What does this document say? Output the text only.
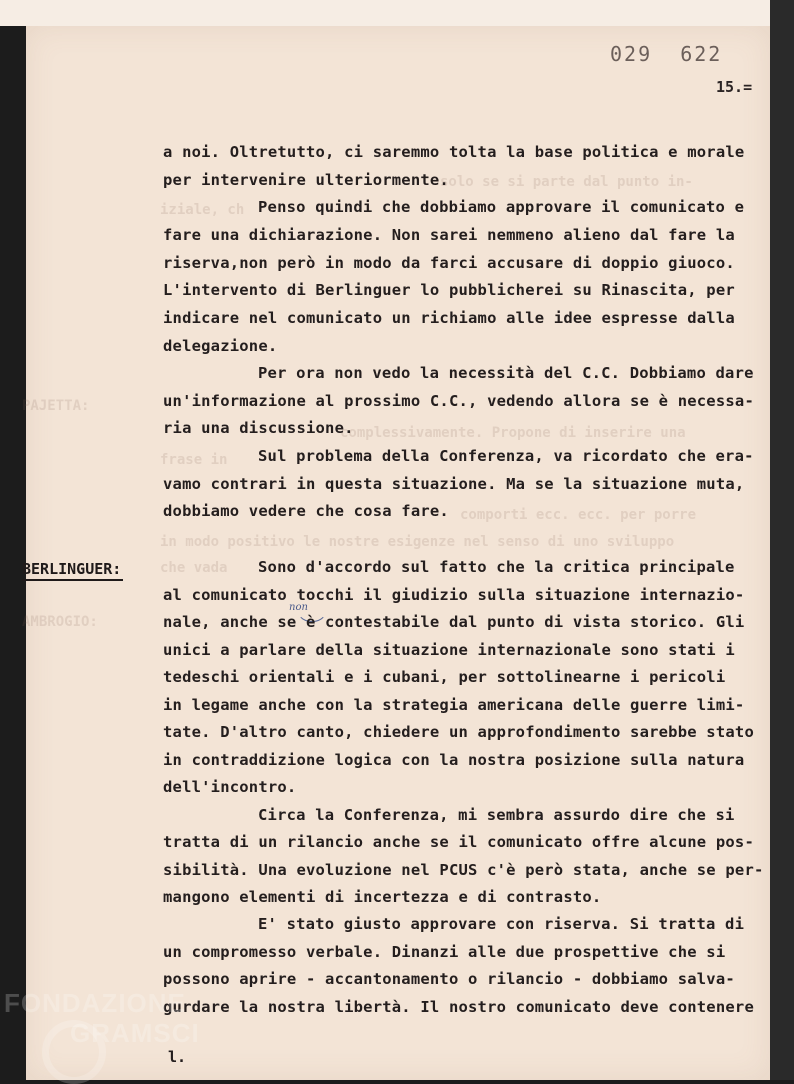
solo se si parte dal punto in-
iziale, ch
PAJETTA:
complessivamente. Propone di inserire una
frase in
comporti ecc. ecc. per porre
in modo positivo le nostre esigenze nel senso di uno sviluppo
che vada
AMBROGIO:
029  622
15.=
BERLINGUER:
non
a noi. Oltretutto, ci saremmo tolta la base politica e morale
per intervenire ulteriormente.
Penso quindi che dobbiamo approvare il comunicato e
fare una dichiarazione. Non sarei nemmeno alieno dal fare la
riserva,non però in modo da farci accusare di doppio giuoco.
L'intervento di Berlinguer lo pubblicherei su Rinascita, per
indicare nel comunicato un richiamo alle idee espresse dalla
delegazione.
Per ora non vedo la necessità del C.C. Dobbiamo dare
un'informazione al prossimo C.C., vedendo allora se è necessa-
ria una discussione.
Sul problema della Conferenza, va ricordato che era-
vamo contrari in questa situazione. Ma se la situazione muta,
dobbiamo vedere che cosa fare.
Sono d'accordo sul fatto che la critica principale
al comunicato tocchi il giudizio sulla situazione internazio-
nale, anche se è contestabile dal punto di vista storico. Gli
unici a parlare della situazione internazionale sono stati i
tedeschi orientali e i cubani, per sottolinearne i pericoli
in legame anche con la strategia americana delle guerre limi-
tate. D'altro canto, chiedere un approfondimento sarebbe stato
in contraddizione logica con la nostra posizione sulla natura
dell'incontro.
Circa la Conferenza, mi sembra assurdo dire che si
tratta di un rilancio anche se il comunicato offre alcune pos-
sibilità. Una evoluzione nel PCUS c'è però stata, anche se per-
mangono elementi di incertezza e di contrasto.
E' stato giusto approvare con riserva. Si tratta di
un compromesso verbale. Dinanzi alle due prospettive che si
possono aprire - accantonamento o rilancio - dobbiamo salva-
gurdare la nostra libertà. Il nostro comunicato deve contenere
l.
FONDAZIONE
GRAMSCI
